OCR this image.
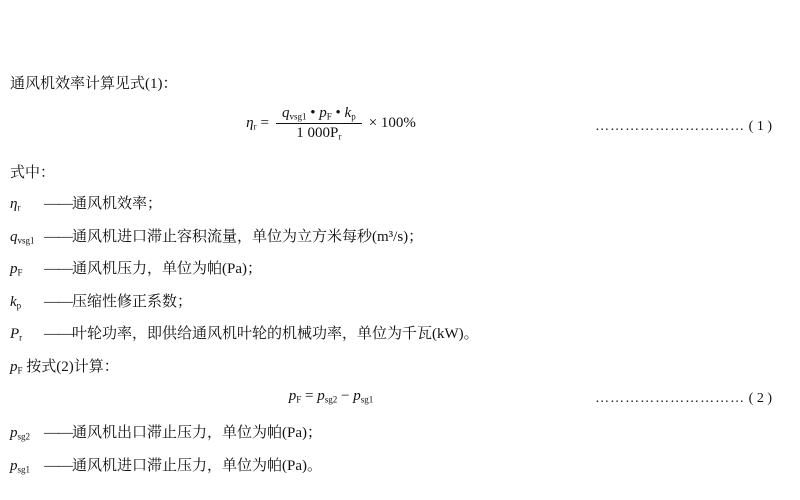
通风机效率计算见式(1)：
$\eta_r$ =
$q_{vsg1}$ • $p_F$ • $k_p$
1 $000P_r$
× 100%	………………………… ( 1 )
式中：
$\eta_r$ ——通风机效率；
$q_{vsg1}$ ——通风机进口滞止容积流量，单位为立方米每秒(m³/s)；
$p_F$ ——通风机压力，单位为帕(Pa)；
$k_p$ ——压缩性修正系数；
$P_r$ ——叶轮功率，即供给通风机叶轮的机械功率，单位为千瓦(kW)。
$p_F$ 按式(2)计算：
$p_F = p_{sg2} - p_{sg1}$	………………………… ( 2 )
$p_{sg2}$ ——通风机出口滞止压力，单位为帕(Pa)；
$p_{sg1}$ ——通风机进口滞止压力，单位为帕(Pa)。
